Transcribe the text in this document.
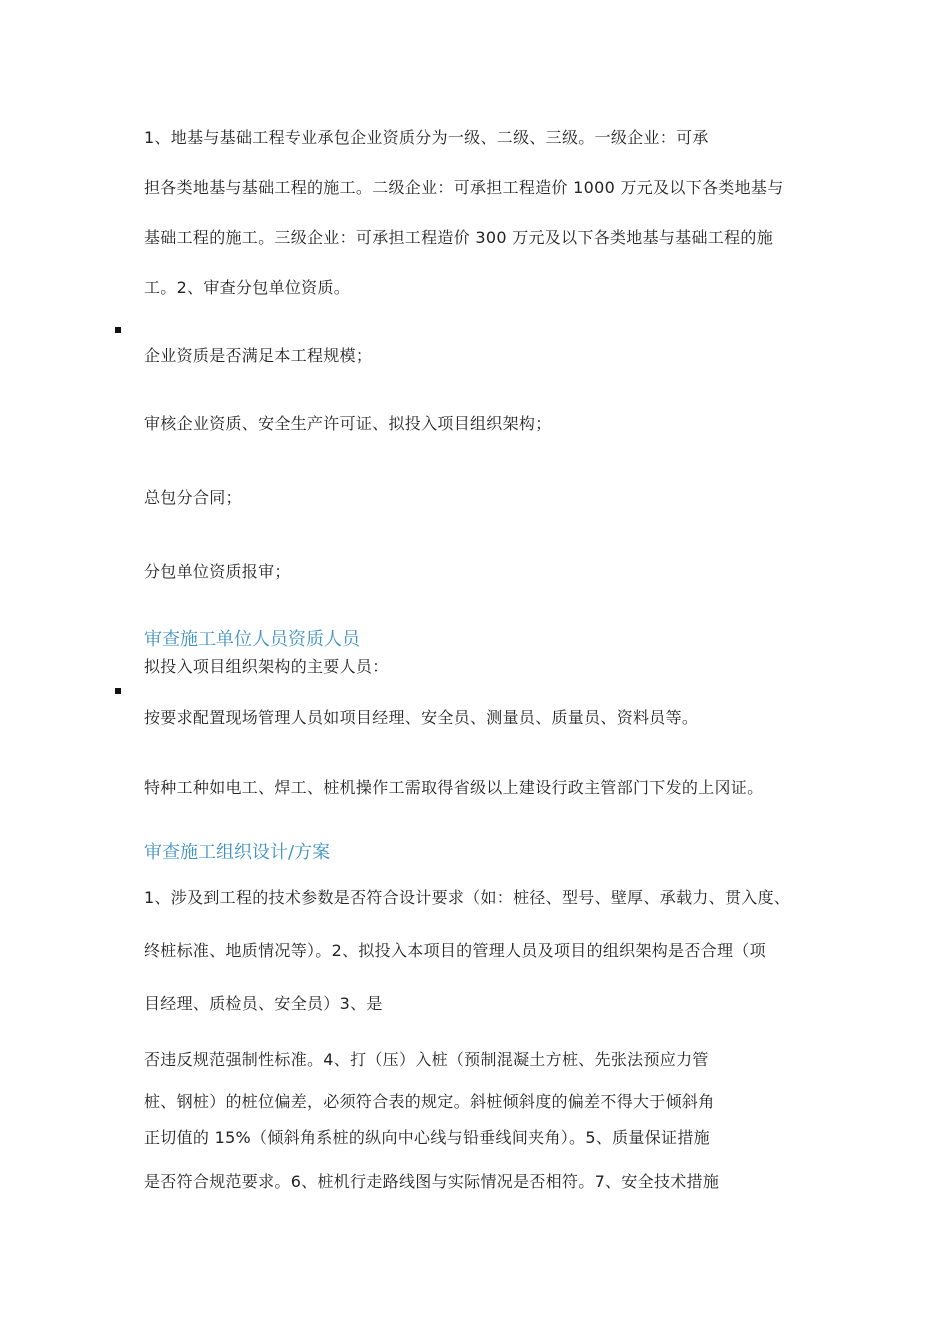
1、地基与基础工程专业承包企业资质分为一级、二级、三级。一级企业：可承
担各类地基与基础工程的施工。二级企业：可承担工程造价 1000 万元及以下各类地基与
基础工程的施工。三级企业：可承担工程造价 300 万元及以下各类地基与基础工程的施
工。2、审查分包单位资质。
企业资质是否满足本工程规模；
审核企业资质、安全生产许可证、拟投入项目组织架构；
总包分合同；
分包单位资质报审；
审查施工单位人员资质人员
拟投入项目组织架构的主要人员：
按要求配置现场管理人员如项目经理、安全员、测量员、质量员、资料员等。
特种工种如电工、焊工、桩机操作工需取得省级以上建设行政主管部门下发的上冈证。
审查施工组织设计/方案
1、涉及到工程的技术参数是否符合设计要求（如：桩径、型号、壁厚、承载力、贯入度、
终桩标准、地质情况等）。2、拟投入本项目的管理人员及项目的组织架构是否合理（项
目经理、质检员、安全员）3、是
否违反规范强制性标准。4、打（压）入桩（预制混凝土方桩、先张法预应力管
桩、钢桩）的桩位偏差，必须符合表的规定。斜桩倾斜度的偏差不得大于倾斜角
正切值的 15%（倾斜角系桩的纵向中心线与铅垂线间夹角）。5、质量保证措施
是否符合规范要求。6、桩机行走路线图与实际情况是否相符。7、安全技术措施
